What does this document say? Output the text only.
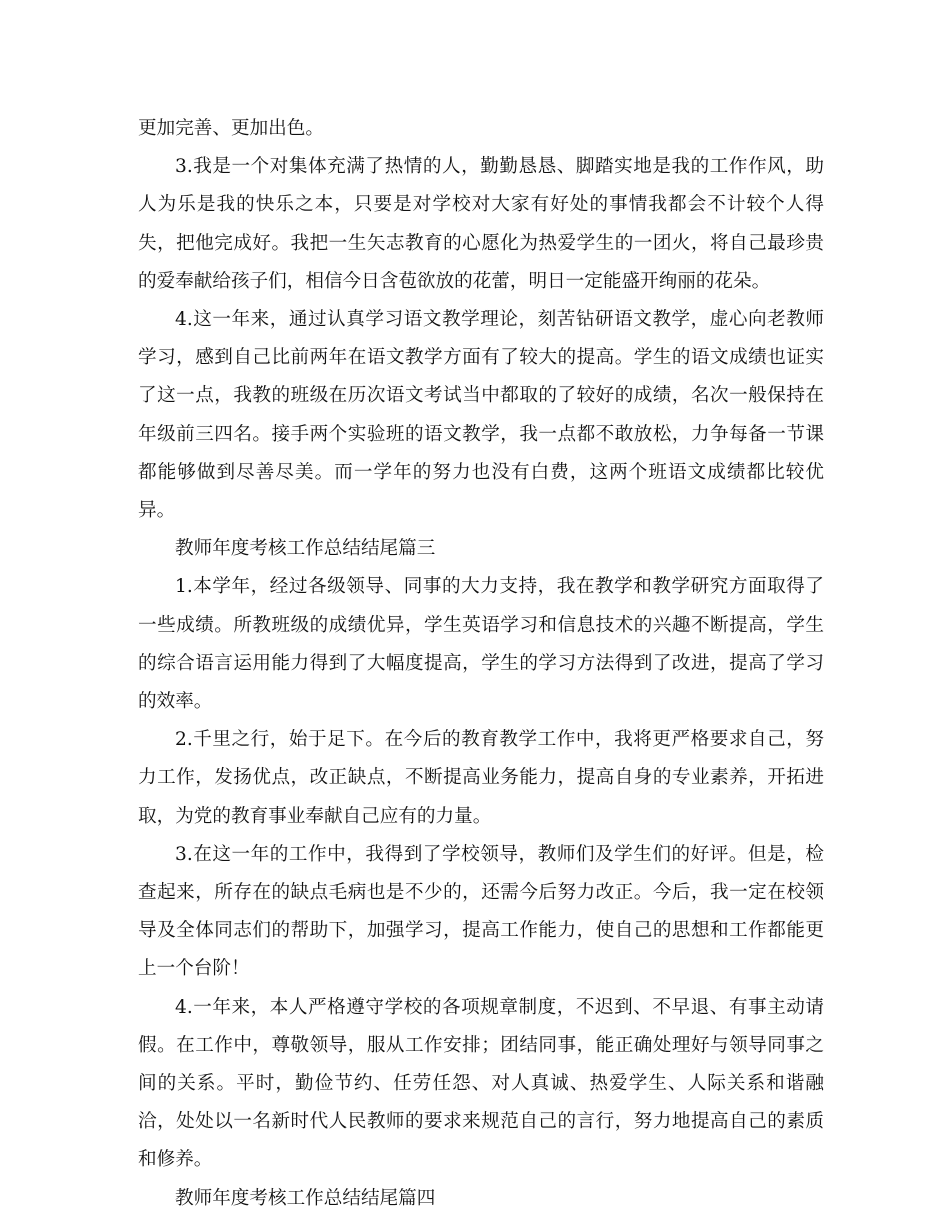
更加完善、更加出色。

3.我是一个对集体充满了热情的人，勤勤恳恳、脚踏实地是我的工作作风，助人为乐是我的快乐之本，只要是对学校对大家有好处的事情我都会不计较个人得失，把他完成好。我把一生矢志教育的心愿化为热爱学生的一团火，将自己最珍贵的爱奉献给孩子们，相信今日含苞欲放的花蕾，明日一定能盛开绚丽的花朵。

4.这一年来，通过认真学习语文教学理论，刻苦钻研语文教学，虚心向老教师学习，感到自己比前两年在语文教学方面有了较大的提高。学生的语文成绩也证实了这一点，我教的班级在历次语文考试当中都取的了较好的成绩，名次一般保持在年级前三四名。接手两个实验班的语文教学，我一点都不敢放松，力争每备一节课都能够做到尽善尽美。而一学年的努力也没有白费，这两个班语文成绩都比较优异。

教师年度考核工作总结结尾篇三

1.本学年，经过各级领导、同事的大力支持，我在教学和教学研究方面取得了一些成绩。所教班级的成绩优异，学生英语学习和信息技术的兴趣不断提高，学生的综合语言运用能力得到了大幅度提高，学生的学习方法得到了改进，提高了学习的效率。

2.千里之行，始于足下。在今后的教育教学工作中，我将更严格要求自己，努力工作，发扬优点，改正缺点，不断提高业务能力，提高自身的专业素养，开拓进取，为党的教育事业奉献自己应有的力量。

3.在这一年的工作中，我得到了学校领导，教师们及学生们的好评。但是，检查起来，所存在的缺点毛病也是不少的，还需今后努力改正。今后，我一定在校领导及全体同志们的帮助下，加强学习，提高工作能力，使自己的思想和工作都能更上一个台阶！

4.一年来，本人严格遵守学校的各项规章制度，不迟到、不早退、有事主动请假。在工作中，尊敬领导，服从工作安排；团结同事，能正确处理好与领导同事之间的关系。平时，勤俭节约、任劳任怨、对人真诚、热爱学生、人际关系和谐融洽，处处以一名新时代人民教师的要求来规范自己的言行，努力地提高自己的素质和修养。

教师年度考核工作总结结尾篇四
